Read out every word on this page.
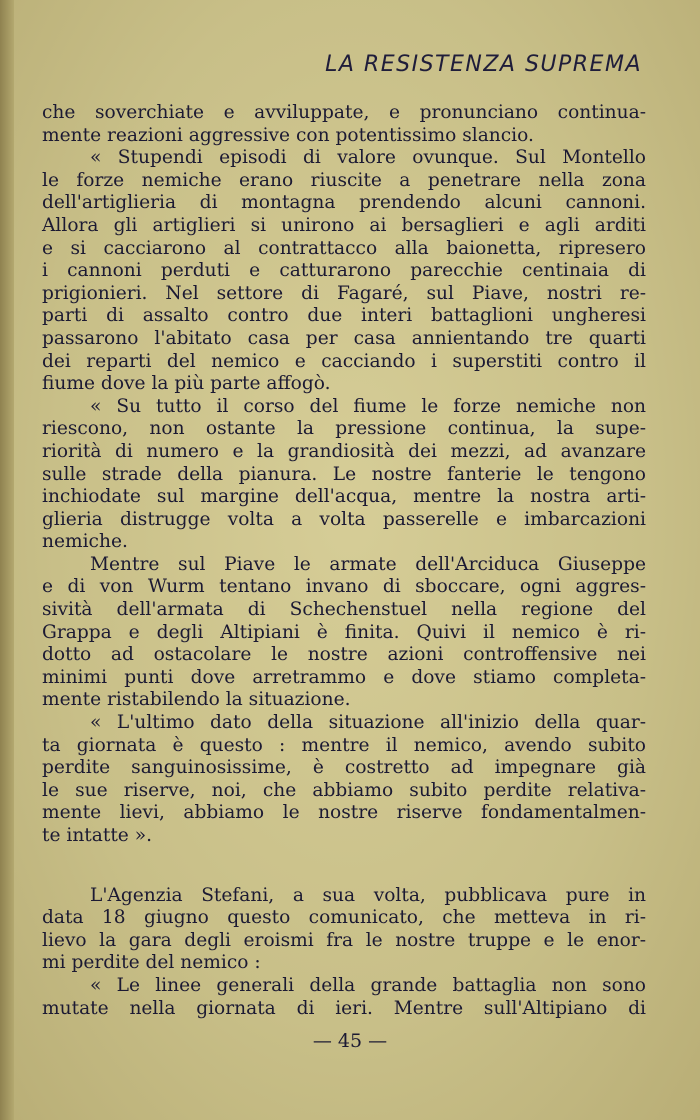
LA RESISTENZA SUPREMA
che soverchiate e avviluppate, e pronunciano continua-
mente reazioni aggressive con potentissimo slancio.
« Stupendi episodi di valore ovunque. Sul Montello
le forze nemiche erano riuscite a penetrare nella zona
dell'artiglieria di montagna prendendo alcuni cannoni.
Allora gli artiglieri si unirono ai bersaglieri e agli arditi
e si cacciarono al contrattacco alla baionetta, ripresero
i cannoni perduti e catturarono parecchie centinaia di
prigionieri. Nel settore di Fagaré, sul Piave, nostri re-
parti di assalto contro due interi battaglioni ungheresi
passarono l'abitato casa per casa annientando tre quarti
dei reparti del nemico e cacciando i superstiti contro il
fiume dove la più parte affogò.
« Su tutto il corso del fiume le forze nemiche non
riescono, non ostante la pressione continua, la supe-
riorità di numero e la grandiosità dei mezzi, ad avanzare
sulle strade della pianura. Le nostre fanterie le tengono
inchiodate sul margine dell'acqua, mentre la nostra arti-
glieria distrugge volta a volta passerelle e imbarcazioni
nemiche.
Mentre sul Piave le armate dell'Arciduca Giuseppe
e di von Wurm tentano invano di sboccare, ogni aggres-
sività dell'armata di Schechenstuel nella regione del
Grappa e degli Altipiani è finita. Quivi il nemico è ri-
dotto ad ostacolare le nostre azioni controffensive nei
minimi punti dove arretrammo e dove stiamo completa-
mente ristabilendo la situazione.
« L'ultimo dato della situazione all'inizio della quar-
ta giornata è questo : mentre il nemico, avendo subito
perdite sanguinosissime, è costretto ad impegnare già
le sue riserve, noi, che abbiamo subito perdite relativa-
mente lievi, abbiamo le nostre riserve fondamentalmen-
te intatte ».
L'Agenzia Stefani, a sua volta, pubblicava pure in
data 18 giugno questo comunicato, che metteva in ri-
lievo la gara degli eroismi fra le nostre truppe e le enor-
mi perdite del nemico :
« Le linee generali della grande battaglia non sono
mutate nella giornata di ieri. Mentre sull'Altipiano di
— 45 —
